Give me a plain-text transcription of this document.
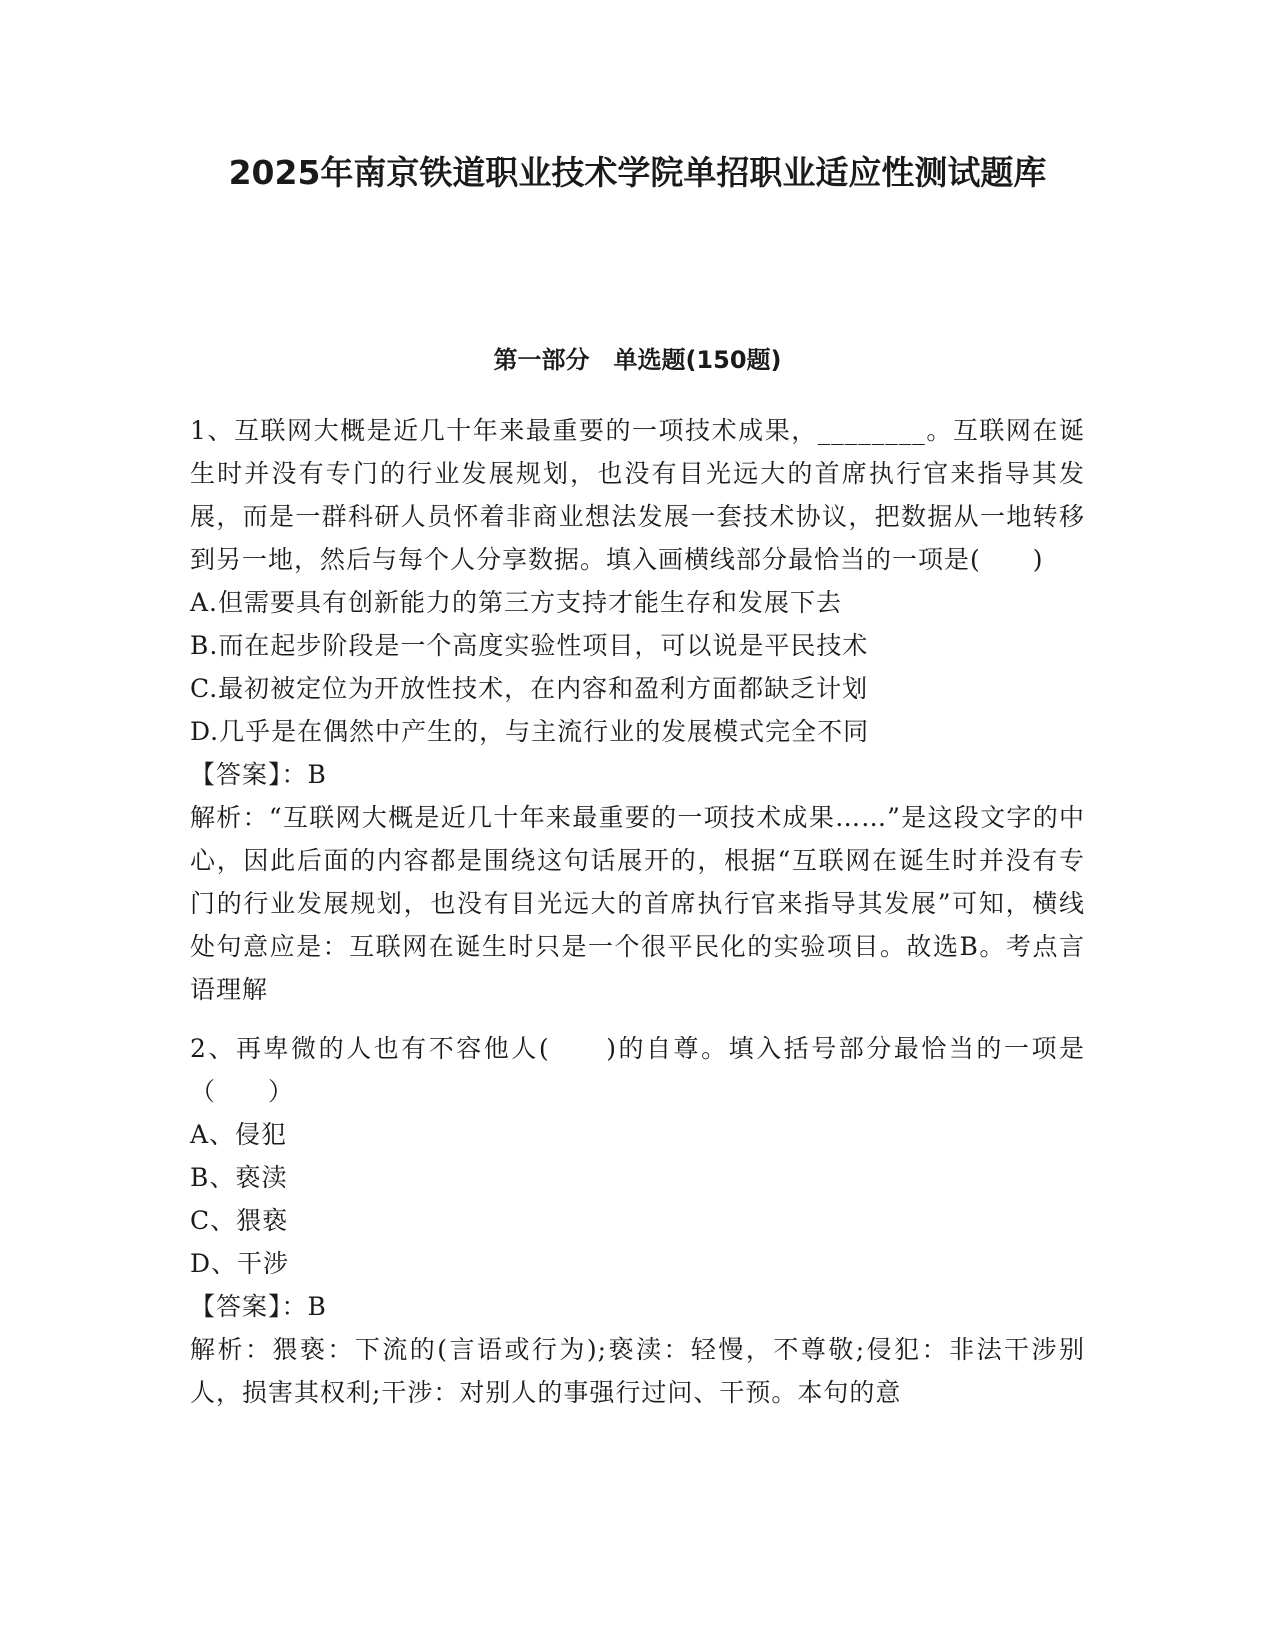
2025年南京铁道职业技术学院单招职业适应性测试题库
第一部分　单选题(150题)

1、互联网大概是近几十年来最重要的一项技术成果，________。互联网在诞生时并没有专门的行业发展规划，也没有目光远大的首席执行官来指导其发展，而是一群科研人员怀着非商业想法发展一套技术协议，把数据从一地转移到另一地，然后与每个人分享数据。填入画横线部分最恰当的一项是(　　)

A.但需要具有创新能力的第三方支持才能生存和发展下去

B.而在起步阶段是一个高度实验性项目，可以说是平民技术

C.最初被定位为开放性技术，在内容和盈利方面都缺乏计划

D.几乎是在偶然中产生的，与主流行业的发展模式完全不同

【答案】：B

解析：“互联网大概是近几十年来最重要的一项技术成果……”是这段文字的中心，因此后面的内容都是围绕这句话展开的，根据“互联网在诞生时并没有专门的行业发展规划，也没有目光远大的首席执行官来指导其发展”可知，横线处句意应是：互联网在诞生时只是一个很平民化的实验项目。故选B。考点言语理解

2、再卑微的人也有不容他人(　　)的自尊。填入括号部分最恰当的一项是（　　）

A、侵犯

B、亵渎

C、猥亵

D、干涉

【答案】：B

解析：猥亵：下流的(言语或行为);亵渎：轻慢，不尊敬;侵犯：非法干涉别人，损害其权利;干涉：对别人的事强行过问、干预。本句的意
